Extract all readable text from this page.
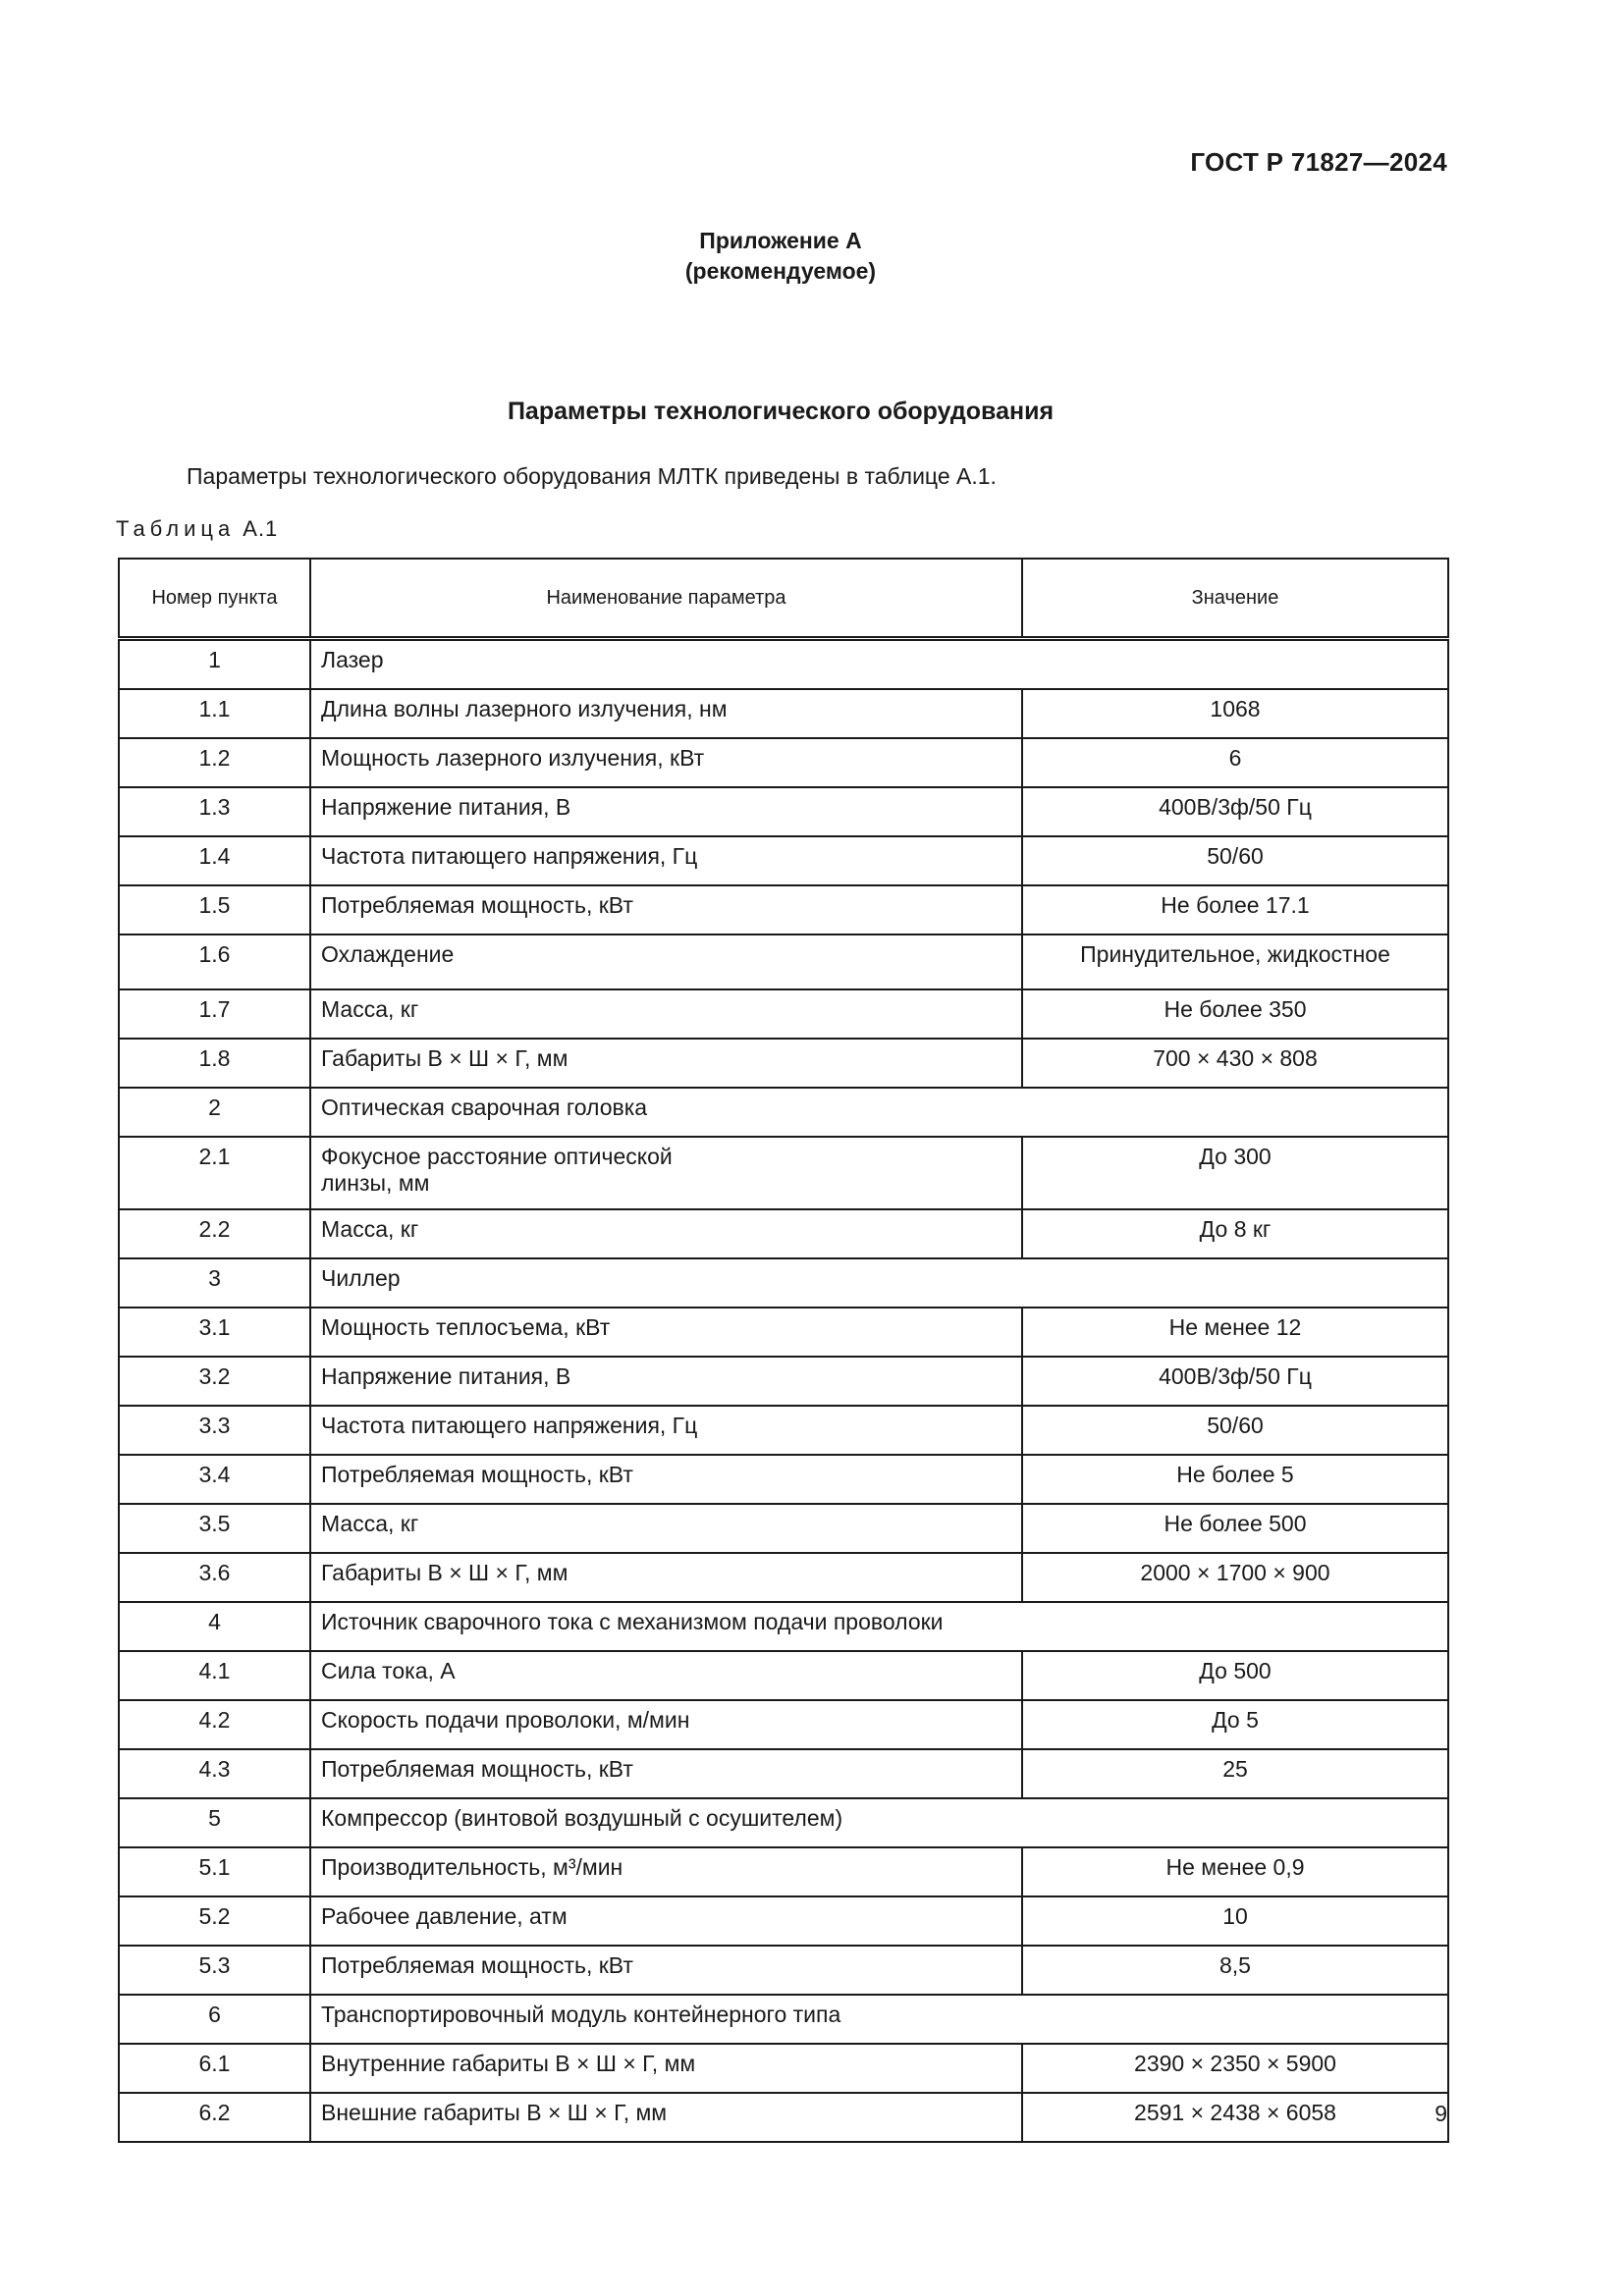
ГОСТ Р 71827—2024
Приложение А
(рекомендуемое)
Параметры технологического оборудования
Параметры технологического оборудования МЛТК приведены в таблице А.1.
Таблица А.1
Номер пункта	Наименование параметра	Значение
1	Лазер	
1.1	Длина волны лазерного излучения, нм	1068
1.2	Мощность лазерного излучения, кВт	6
1.3	Напряжение питания, В	400В/3ф/50 Гц
1.4	Частота питающего напряжения, Гц	50/60
1.5	Потребляемая мощность, кВт	Не более 17.1
1.6	Охлаждение	Принудительное, жидкостное
1.7	Масса, кг	Не более 350
1.8	Габариты В × Ш × Г, мм	700 × 430 × 808
2	Оптическая сварочная головка	
2.1	Фокусное расстояние оптической линзы, мм	До 300
2.2	Масса, кг	До 8 кг
3	Чиллер	
3.1	Мощность теплосъема, кВт	Не менее 12
3.2	Напряжение питания, В	400В/3ф/50 Гц
3.3	Частота питающего напряжения, Гц	50/60
3.4	Потребляемая мощность, кВт	Не более 5
3.5	Масса, кг	Не более 500
3.6	Габариты В × Ш × Г, мм	2000 × 1700 × 900
4	Источник сварочного тока с механизмом подачи проволоки	
4.1	Сила тока, А	До 500
4.2	Скорость подачи проволоки, м/мин	До 5
4.3	Потребляемая мощность, кВт	25
5	Компрессор (винтовой воздушный с осушителем)	
5.1	Производительность, м³/мин	Не менее 0,9
5.2	Рабочее давление, атм	10
5.3	Потребляемая мощность, кВт	8,5
6	Транспортировочный модуль контейнерного типа	
6.1	Внутренние габариты В × Ш × Г, мм	2390 × 2350 × 5900
6.2	Внешние габариты В × Ш × Г, мм	2591 × 2438 × 6058	9
